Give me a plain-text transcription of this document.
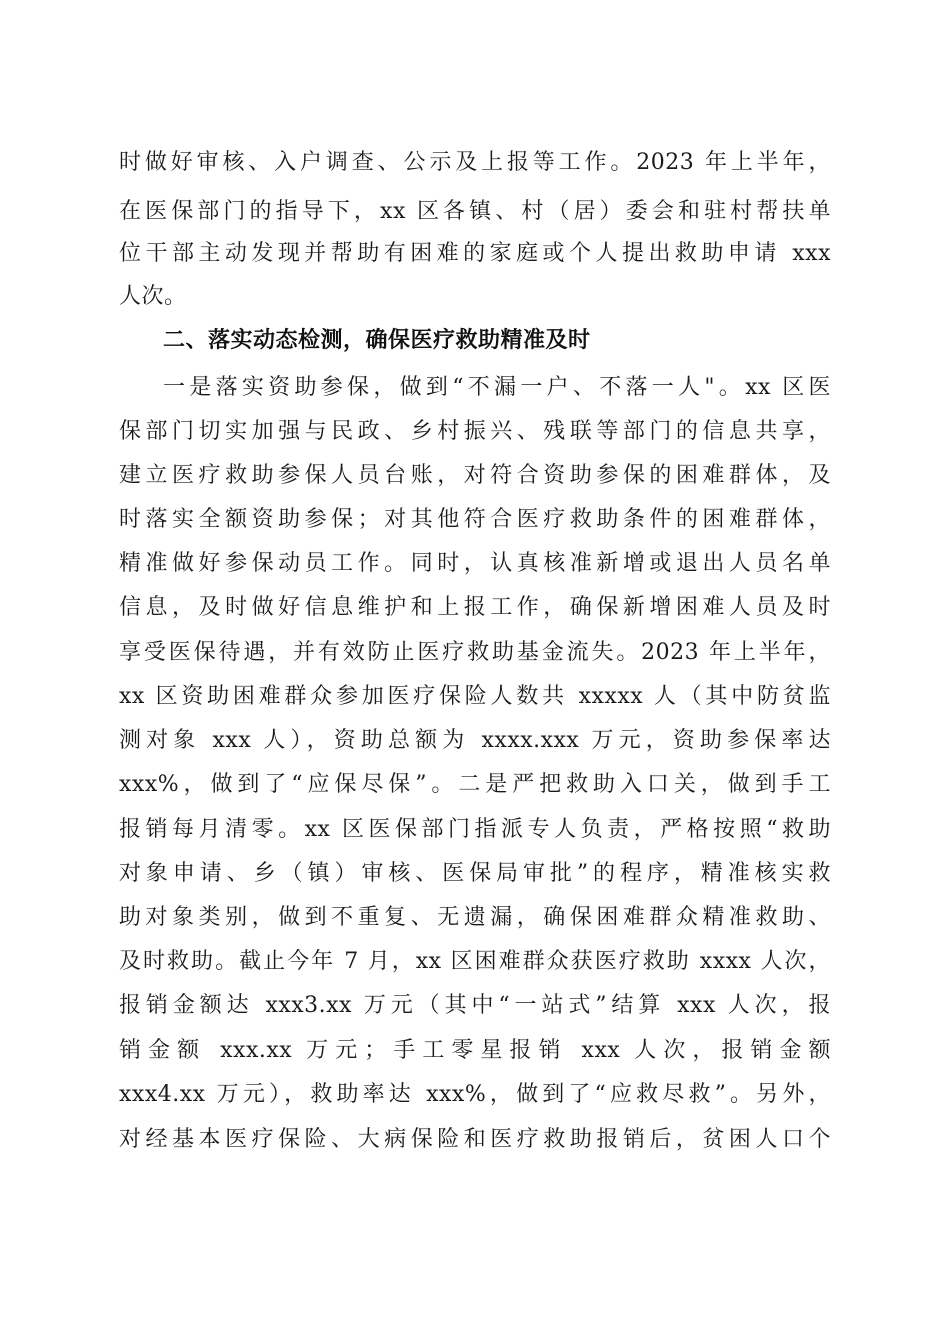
时做好审核、入户调查、公示及上报等工作。2023 年上半年，
在医保部门的指导下，xx 区各镇、村（居）委会和驻村帮扶单
位干部主动发现并帮助有困难的家庭或个人提出救助申请 xxx
人次。
二、落实动态检测，确保医疗救助精准及时
一是落实资助参保，做到“不漏一户、不落一人"。xx 区医
保部门切实加强与民政、乡村振兴、残联等部门的信息共享，
建立医疗救助参保人员台账，对符合资助参保的困难群体，及
时落实全额资助参保；对其他符合医疗救助条件的困难群体，
精准做好参保动员工作。同时，认真核准新增或退出人员名单
信息，及时做好信息维护和上报工作，确保新增困难人员及时
享受医保待遇，并有效防止医疗救助基金流失。2023 年上半年，
xx 区资助困难群众参加医疗保险人数共 xxxxx 人（其中防贫监
测对象 xxx 人），资助总额为 xxxx.xxx 万元，资助参保率达
xxx%，做到了“应保尽保”。二是严把救助入口关，做到手工
报销每月清零。xx 区医保部门指派专人负责，严格按照“救助
对象申请、乡（镇）审核、医保局审批”的程序，精准核实救
助对象类别，做到不重复、无遗漏，确保困难群众精准救助、
及时救助。截止今年 7 月，xx 区困难群众获医疗救助 xxxx 人次，
报销金额达 xxx3.xx 万元（其中“一站式”结算 xxx 人次，报
销金额 xxx.xx 万元；手工零星报销 xxx 人次，报销金额
xxx4.xx 万元），救助率达 xxx%，做到了“应救尽救”。另外，
对经基本医疗保险、大病保险和医疗救助报销后，贫困人口个
